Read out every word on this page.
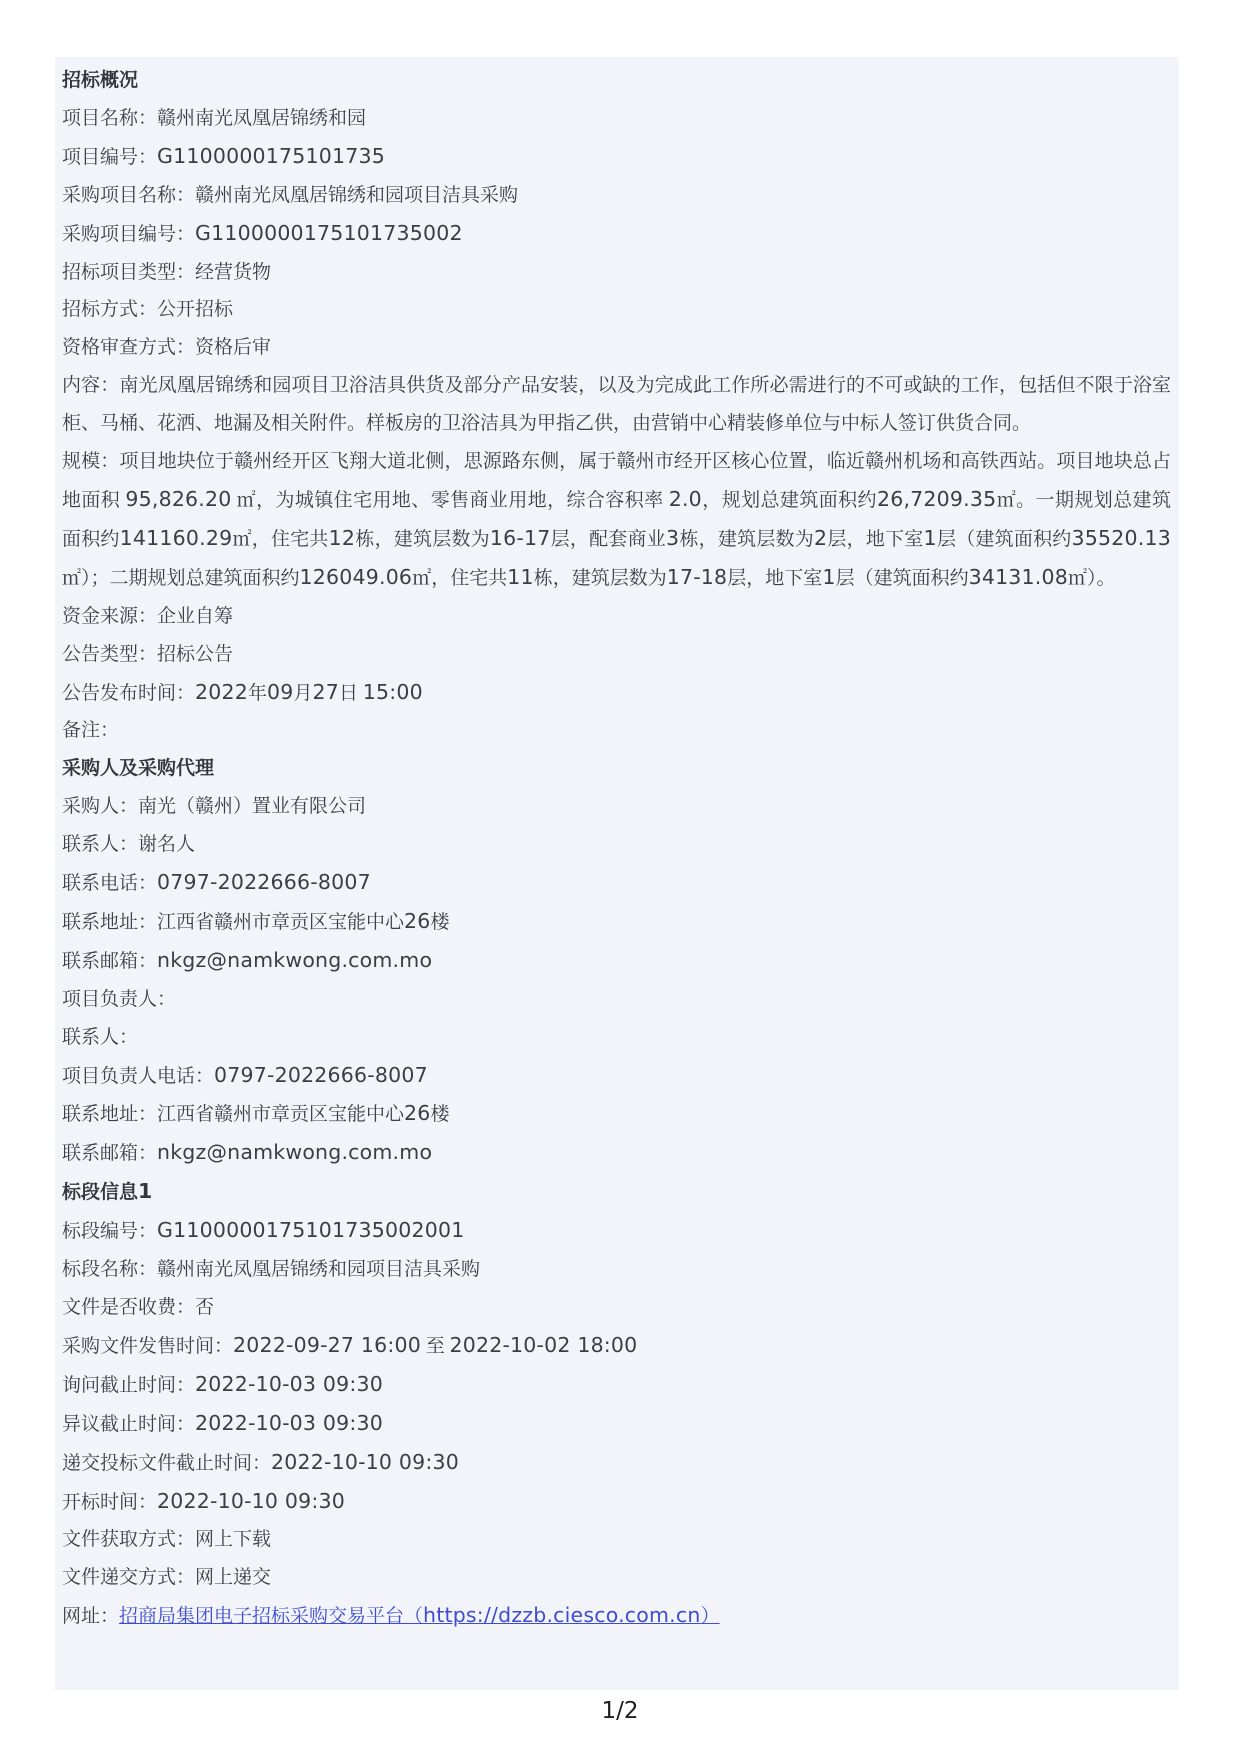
招标概况
项目名称：赣州南光凤凰居锦绣和园
项目编号：G1100000175101735
采购项目名称：赣州南光凤凰居锦绣和园项目洁具采购
采购项目编号：G1100000175101735002
招标项目类型：经营货物
招标方式：公开招标
资格审查方式：资格后审
内容：南光凤凰居锦绣和园项目卫浴洁具供货及部分产品安装，以及为完成此工作所必需进行的不可或缺的工作，包括但不限于浴室柜、马桶、花洒、地漏及相关附件。样板房的卫浴洁具为甲指乙供，由营销中心精装修单位与中标人签订供货合同。
规模：项目地块位于赣州经开区飞翔大道北侧，思源路东侧，属于赣州市经开区核心位置，临近赣州机场和高铁西站。项目地块总占地面积 95,826.20 ㎡，为城镇住宅用地、零售商业用地，综合容积率 2.0，规划总建筑面积约26,7209.35㎡。一期规划总建筑面积约141160.29㎡，住宅共12栋，建筑层数为16-17层，配套商业3栋，建筑层数为2层，地下室1层（建筑面积约35520.13㎡）；二期规划总建筑面积约126049.06㎡，住宅共11栋，建筑层数为17-18层，地下室1层（建筑面积约34131.08㎡）。
资金来源：企业自筹
公告类型：招标公告
公告发布时间：2022年09月27日 15:00
备注：
采购人及采购代理
采购人：南光（赣州）置业有限公司
联系人：谢名人
联系电话：0797-2022666-8007
联系地址：江西省赣州市章贡区宝能中心26楼
联系邮箱：nkgz@namkwong.com.mo
项目负责人：
联系人：
项目负责人电话：0797-2022666-8007
联系地址：江西省赣州市章贡区宝能中心26楼
联系邮箱：nkgz@namkwong.com.mo
标段信息1
标段编号：G1100000175101735002001
标段名称：赣州南光凤凰居锦绣和园项目洁具采购
文件是否收费：否
采购文件发售时间：2022-09-27 16:00 至 2022-10-02 18:00
询问截止时间：2022-10-03 09:30
异议截止时间：2022-10-03 09:30
递交投标文件截止时间：2022-10-10 09:30
开标时间：2022-10-10 09:30
文件获取方式：网上下载
文件递交方式：网上递交
网址：招商局集团电子招标采购交易平台（https://dzzb.ciesco.com.cn）
1/2
